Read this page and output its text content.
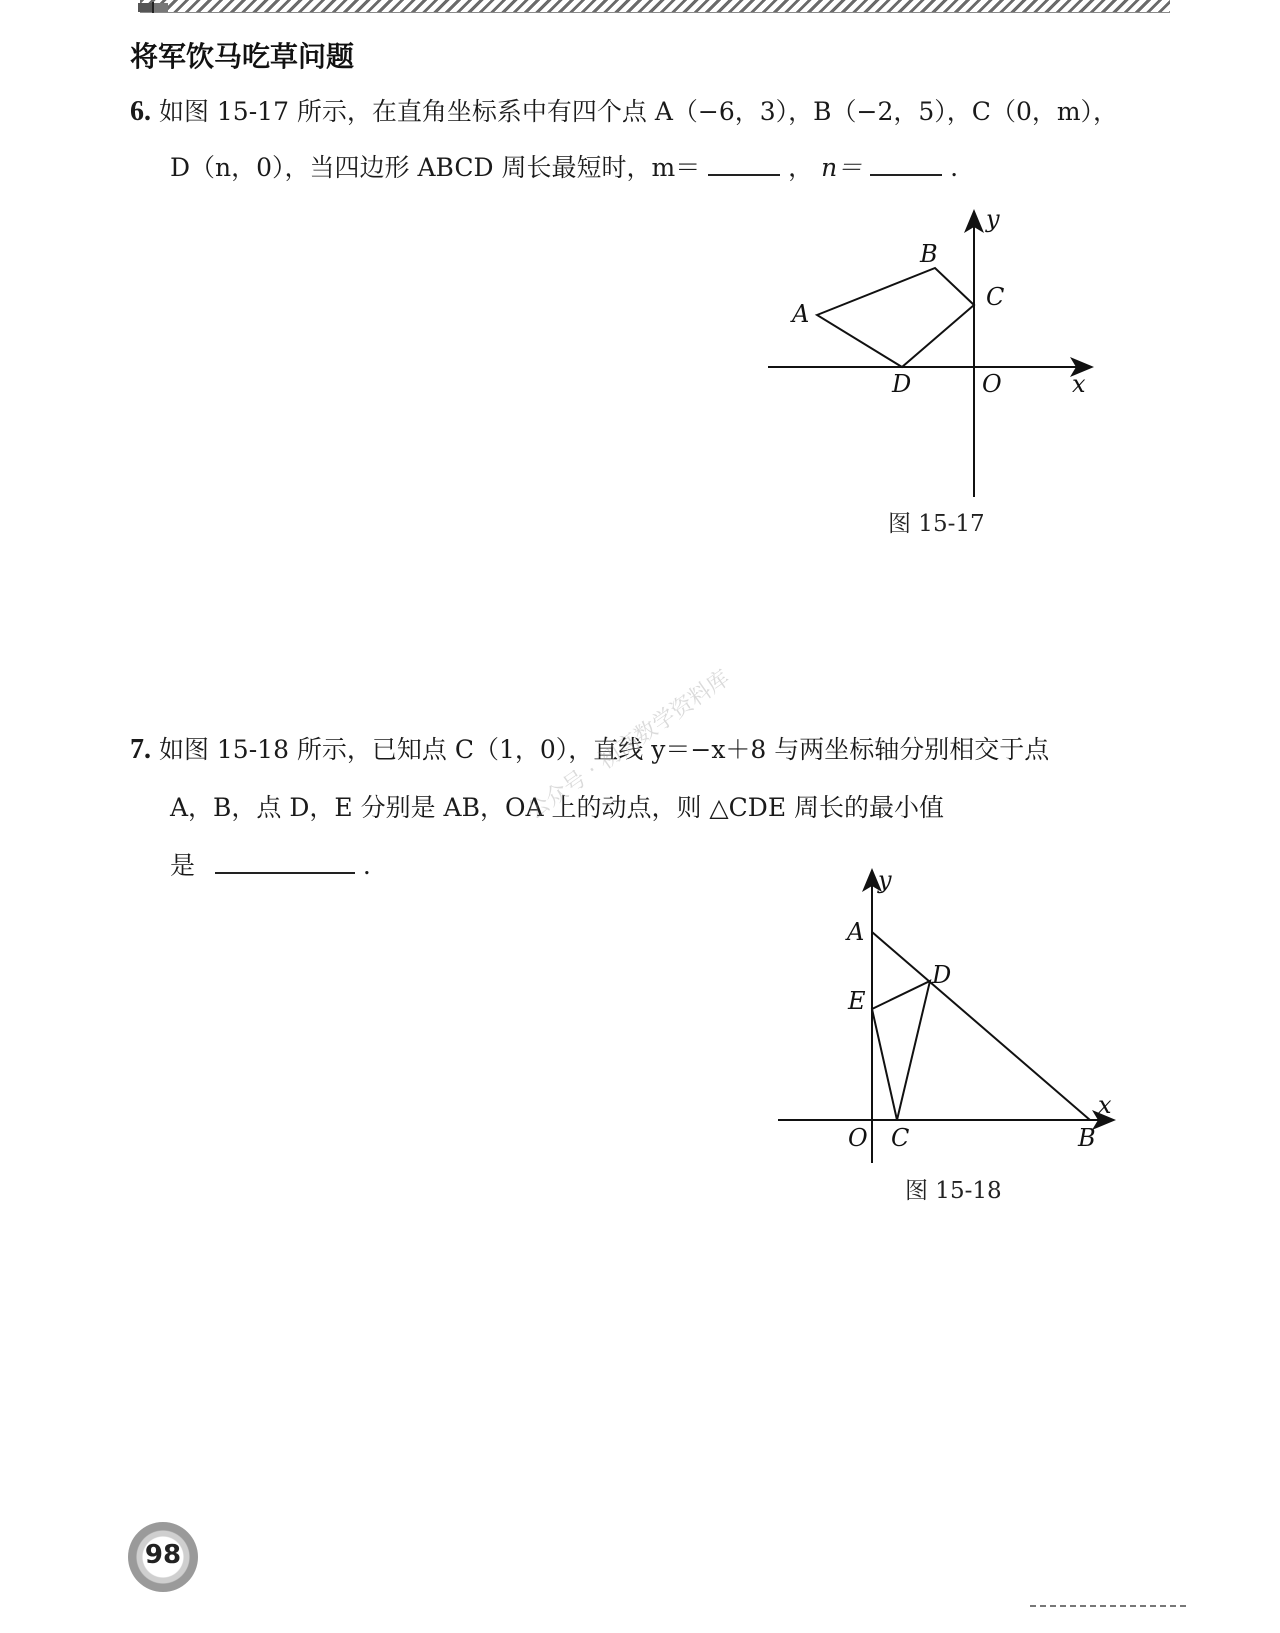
将军饮马吃草问题
6. 如图 15-17 所示，在直角坐标系中有四个点 A（−6，3），B（−2，5），C（0，m），
D（n，0），当四边形 ABCD 周长最短时，m＝	， n＝	.
A
B
C
D	O	x
y
图 15-17
7. 如图 15-18 所示，已知点 C（1，0），直线 y＝−x＋8 与两坐标轴分别相交于点
A，B，点 D，E 分别是 AB，OA 上的动点，则 △CDE 周长的最小值
是	.
公众号 · 初高数学资料库
y
A
D
E
x
O C	B
图 15-18
98
